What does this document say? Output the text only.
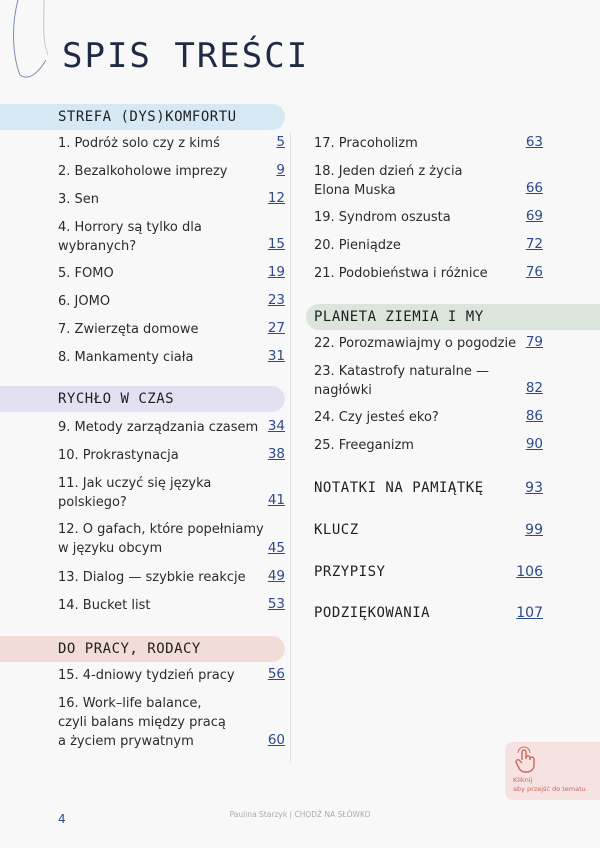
SPIS TREŚCI
STREFA (DYS)KOMFORTU
RYCHŁO W CZAS
DO PRACY, RODACY
PLANETA ZIEMIA I MY
1. Podróż solo czy z kimś	5
2. Bezalkoholowe imprezy	9
3. Sen	12
4. Horrory są tylko dla
wybranych?	15
5. FOMO	19
6. JOMO	23
7. Zwierzęta domowe	27
8. Mankamenty ciała	31
9. Metody zarządzania czasem 34
10. Prokrastynacja	38
11. Jak uczyć się języka
polskiego?	41
12. O gafach, które popełniamy
w języku obcym	45
13. Dialog — szybkie reakcje 49
14. Bucket list	53
15. 4-dniowy tydzień pracy 56
16. Work–life balance,
czyli balans między pracą
a życiem prywatnym	60
17. Pracoholizm	63
18. Jeden dzień z życia
Elona Muska	66
19. Syndrom oszusta	69
20. Pieniądze	72
21. Podobieństwa i różnice	76
22. Porozmawiajmy o pogodzie 79
23. Katastrofy naturalne —
nagłówki	82
24. Czy jesteś eko?	86
25. Freeganizm	90
NOTATKI NA PAMIĄTKĘ	93
KLUCZ	99
PRZYPISY	106
PODZIĘKOWANIA	107
Kliknij
aby przejść do tematu
4	Paulina Starzyk | CHODŹ NA SŁÓWKO
